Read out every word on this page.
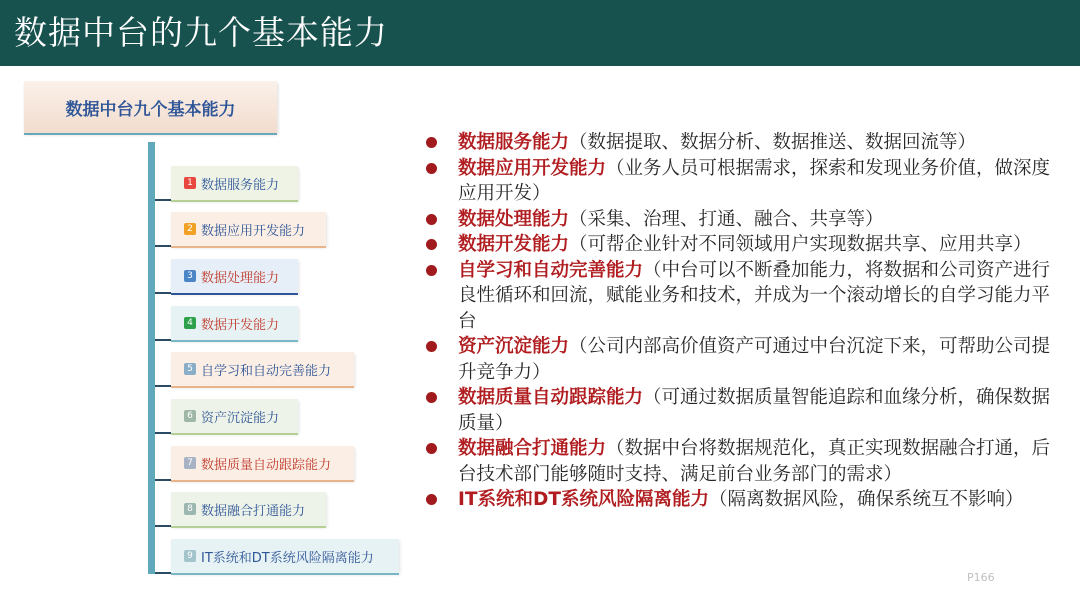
数据中台的九个基本能力
数据中台九个基本能力
1 数据服务能力
2 数据应用开发能力
3 数据处理能力
4 数据开发能力
5 自学习和自动完善能力
6 资产沉淀能力
7 数据质量自动跟踪能力
8 数据融合打通能力
9 IT系统和DT系统风险隔离能力
数据服务能力（数据提取、数据分析、数据推送、数据回流等）
数据应用开发能力（业务人员可根据需求，探索和发现业务价值，做深度应用开发）
数据处理能力（采集、治理、打通、融合、共享等）
数据开发能力（可帮企业针对不同领域用户实现数据共享、应用共享）
自学习和自动完善能力（中台可以不断叠加能力，将数据和公司资产进行良性循环和回流，赋能业务和技术，并成为一个滚动增长的自学习能力平台
资产沉淀能力（公司内部高价值资产可通过中台沉淀下来，可帮助公司提升竞争力）
数据质量自动跟踪能力（可通过数据质量智能追踪和血缘分析，确保数据质量）
数据融合打通能力（数据中台将数据规范化，真正实现数据融合打通，后台技术部门能够随时支持、满足前台业务部门的需求）
IT系统和DT系统风险隔离能力（隔离数据风险，确保系统互不影响）
P166
